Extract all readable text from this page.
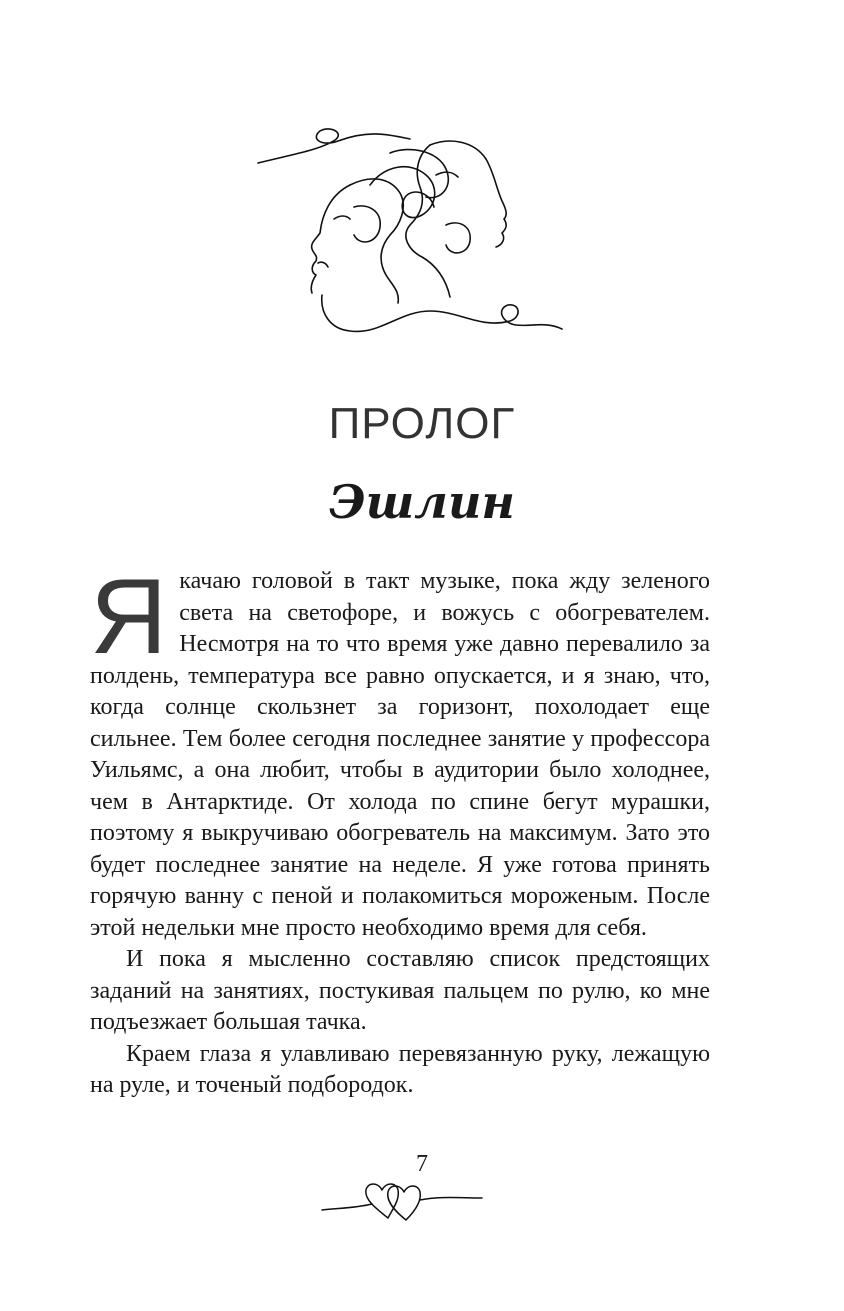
ПРОЛОГ
Эшлин

Я качаю головой в такт музыке, пока жду зеленого света на светофоре, и вожусь с обогревателем. Несмотря на то что время уже давно перевалило за полдень, температура все равно опускается, и я знаю, что, когда солнце скользнет за горизонт, похолодает еще сильнее. Тем более сегодня последнее занятие у профессора Уильямс, а она любит, чтобы в аудитории было холоднее, чем в Антарктиде. От холода по спине бегут мурашки, поэтому я выкручиваю обогреватель на максимум. Зато это будет последнее занятие на неделе. Я уже готова принять горячую ванну с пеной и полакомиться мороженым. После этой недельки мне просто необходимо время для себя.

И пока я мысленно составляю список предстоящих заданий на занятиях, постукивая пальцем по рулю, ко мне подъезжает большая тачка.

Краем глаза я улавливаю перевязанную руку, лежащую на руле, и точеный подбородок.

7
